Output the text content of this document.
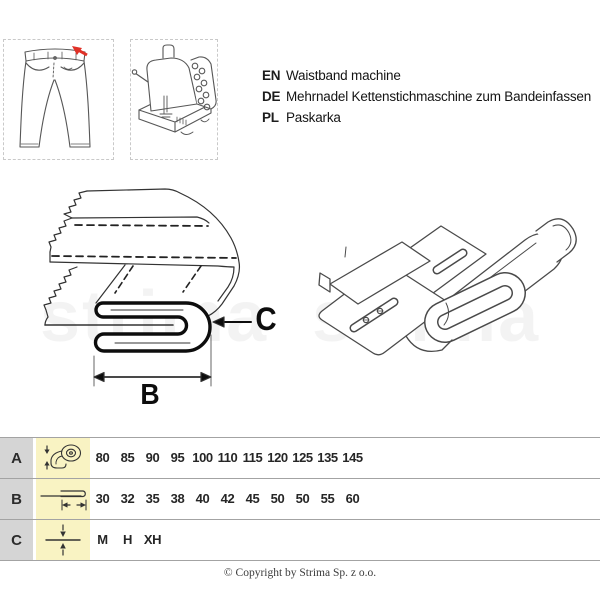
EN Waistband machine
DE Mehrnadel Kettenstichmaschine zum Bandeinfassen
PL Paskarka
B
C
A	80 85 90 95 100 110 115 120 125 135 145
B	30 32 35 38 40 42 45 50 50 55 60
C	M	H XH
© Copyright by Strima Sp. z o.o.
